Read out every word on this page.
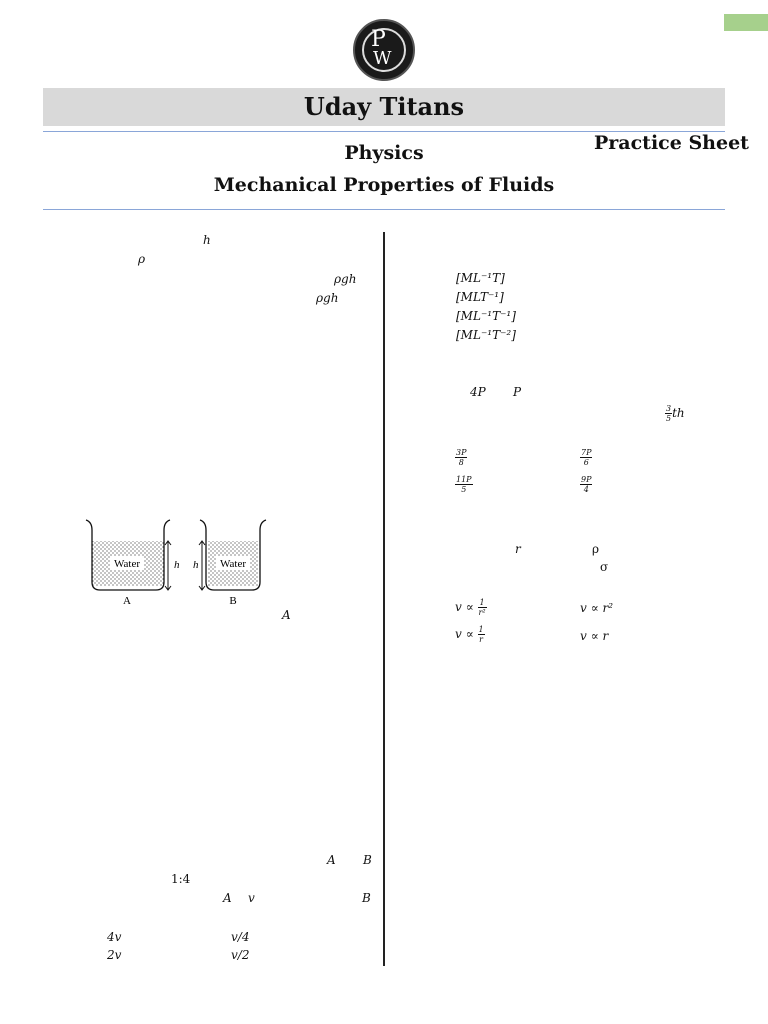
P
W
Uday Titans
Physics
Mechanical Properties of Fluids
Practice Sheet
h
ρ
ρgh
ρgh
Water	h
A
Water
h
B
A
A B
1:4
A v	B
4v	v/4
2v	v/2
[ML⁻¹T]
[MLT⁻¹]
[ML⁻¹T⁻¹]
[ML⁻¹T⁻²]
4P P
$\frac{3}{5}$ th
$\frac{3P}{8}$	$\frac{7P}{6}$
$\frac{11P}{5}$	$\frac{9P}{4}$
r	ρ
σ
$v \propto \frac{1}{\text{r²}}$	v ∝ r²
$v \propto \frac{1}{r}$	v ∝ r
